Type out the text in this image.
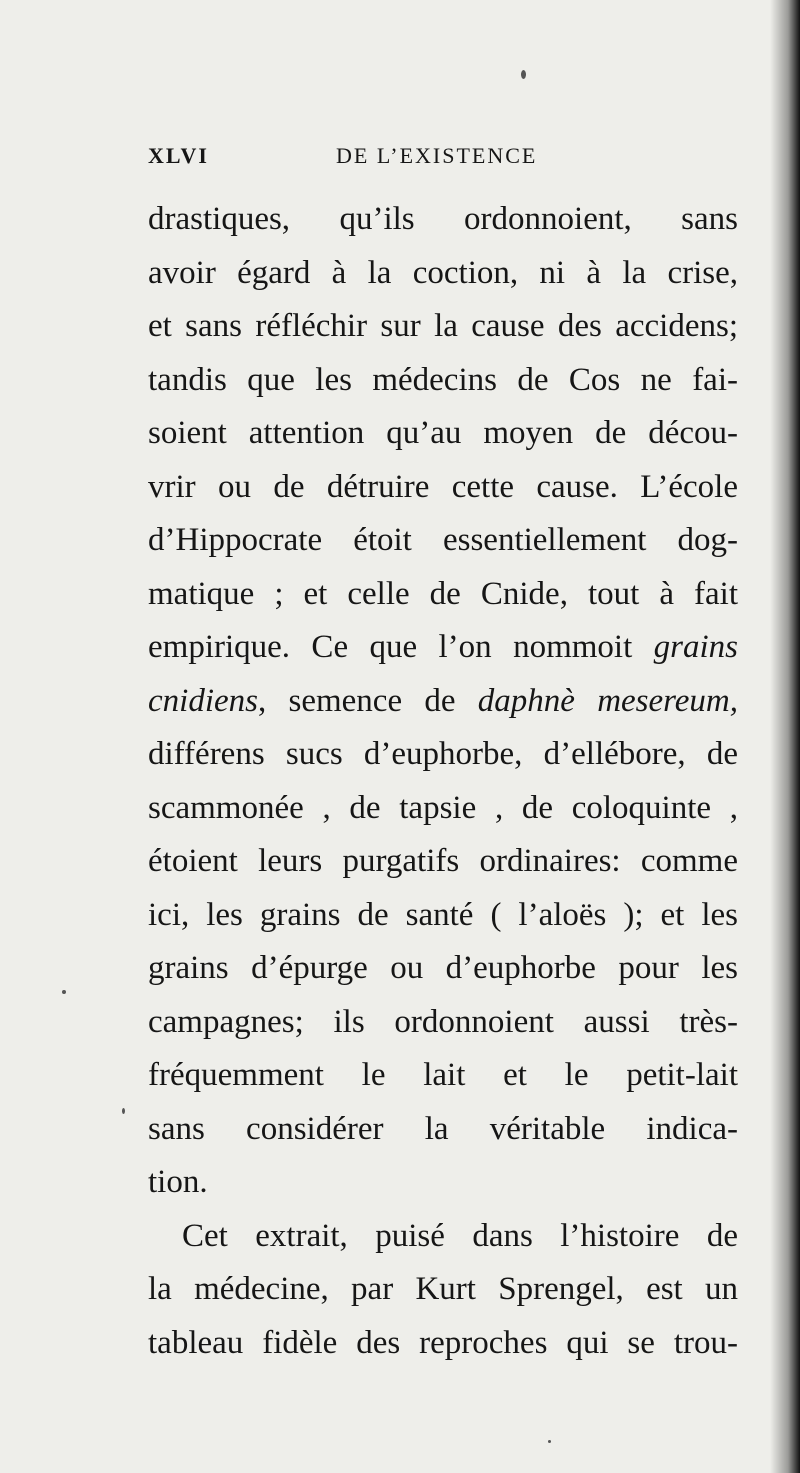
XLVI	DE L’EXISTENCE
drastiques, qu’ils ordonnoient, sans
avoir égard à la coction, ni à la crise,
et sans réfléchir sur la cause des accidens;
tandis que les médecins de Cos ne fai-
soient attention qu’au moyen de décou-
vrir ou de détruire cette cause. L’école
d’Hippocrate étoit essentiellement dog-
matique ; et celle de Cnide, tout à fait
empirique. Ce que l’on nommoit grains
cnidiens, semence de daphnè mesereum,
différens sucs d’euphorbe, d’ellébore, de
scammonée , de tapsie , de coloquinte ,
étoient leurs purgatifs ordinaires: comme
ici, les grains de santé ( l’aloës ); et les
grains d’épurge ou d’euphorbe pour les
campagnes; ils ordonnoient aussi très-
fréquemment le lait et le petit-lait
sans considérer la véritable indica-
tion.
Cet extrait, puisé dans l’histoire de
la médecine, par Kurt Sprengel, est un
tableau fidèle des reproches qui se trou-
